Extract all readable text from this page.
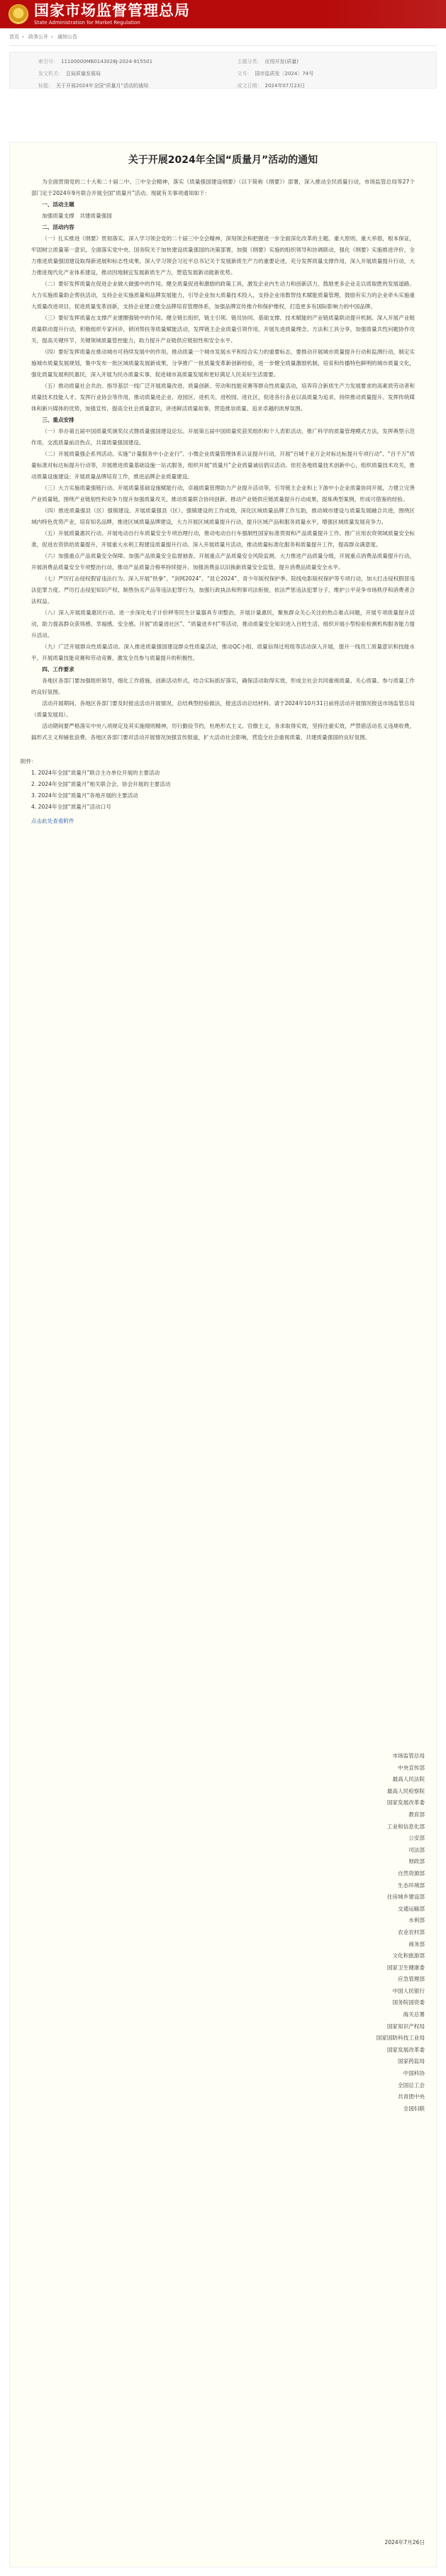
国家市场监督管理总局
State Administration for Market Regulation
首页 › 政务公开 › 通知公告
索引号： 11100000MB0143028J-2024-915501	主题分类： 应用开发(质量)
发文机关： 总局质量发展局	文号： 国市监质发〔2024〕74号
标题： 关于开展2024年全国“质量月”活动的通知	成文日期： 2024年07月23日
关于开展2024年全国“质量月”活动的通知

为全面贯彻党的二十大和二十届二中、三中全会精神，落实《质量强国建设纲要》（以下简称《纲要》）部署，深入推动全民质量行动，市场监管总局等27个部门定于2024年9月联合开展全国“质量月”活动。现就有关事项通知如下：

一、活动主题

加强质量支撑　共建质量强国

二、活动内容

（一）扎实推进《纲要》贯彻落实。深入学习领会党的二十届三中全会精神，深刻领会和把握进一步全面深化改革的主题、重大原则、重大举措，根本保证，牢固树立质量第一意识，全面落实党中央、国务院关于加快建设质量强国的决策部署，加强《纲要》实施的组织领导和协调联动，强化《纲要》实施推进评价，全力推进质量强国建设取得新进展和标志性成果。深入学习领会习近平总书记关于发展新质生产力的重要论述，充分发挥质量支撑作用，深入开展质量提升行动，大力推进现代化产业体系建设，推动因地制宜发展新质生产力，塑造发展新动能新优势。

（二）要好发挥质量在促进企业做大做强中的作用。健全质量促进和激励的政策工具，激发企业内生动力和创新活力，鼓励更多企业走以质取胜的发展道路。大力实施质量助企帮扶活动，支持企业实施质量和品牌发展能力，引导企业加大质量技术投入，支持企业用数智技术赋能质量管理，鼓励有实力的企业牵头实施重大质量改进项目，促进质量变革创新，支持企业建立健全品牌培育管理体系，加强品牌宣传推介和保护维权，打造更多有国际影响力的中国品牌。

（三）要好发挥质量在支撑产业建圈强链中的作用。健全链长组织，链主引领、链员协同、基础支撑、技术赋能的产业链质量联动提升机制。深入开展产业链质量联动提升行动，积极组织专家问诊，锁闭帮扶等质量赋能活动，发挥链主企业质量引领作用，开展先进质量理念、方法和工具分享，加强质量共性问题协作攻关，提高关键环节、关键领域质量管控能力，助力提升产业链供应链韧性和安全水平。

（四）要好发挥质量在推动城市可持续发展中的作用。推动质量一个城市发展水平和综合实力的重要标志，要推动开展城市质量提升行动和监测行动，制定实施城市质量发展规划，集中发布一批区域质量发展新成果，分享推广一批质量变革新创新经验，进一步健全质量激励机制，培育和传播特色鲜明的城市质量文化，强化质量发展利民惠民，深入开展为民办质量实事，促进城市高质量发展和更好满足人民美好生活需要。

（五）推动质量社会共治。指导基层一线广泛开展质量改进、质量创新、劳动和技能竞赛等群众性质量活动，培养符合新质生产力发展要求的高素质劳动者和质量技术技能人才。发挥行业协会等作用，推动质量进企业、进园区、进机关、进校园、进社区，促进各行各业以高质量为追求，持续推动质量提升。发挥传统媒体和新兴媒体的优势，加强宣传，提高全社会质量意识，讲述鲜活质量故事，营造推崇质量、追求卓越的浓厚氛围。

三、重点安排

（一）举办第五届中国质量奖颁奖仪式暨质量强国建设论坛。开展第五届中国质量奖获奖组织和个人表彰活动，推广科学的质量管理模式方法，发挥典型示范作用，交流质量前沿热点，共谋质量强国建设。

（二）开展质量强企系列活动。实施“计量服务中小企业行”、小微企业质量管理体系认证提升行动，开展“百城千业万企对标达标提升专项行动”、“百千万”质量标准对标达标提升行动等，开展推进质量基础设施一站式服务，组织开展“质量月”企业质量诚信倡议活动。依托各地质量技术创新中心，组织质量技术攻关，推动质量设施建设；开展质量品牌培育工作，推进品牌企业质量建设。

（三）大力实施质量强链行动。开展质量基础设施赋能行动，卓越质量管理助力产业提升活动等，引导链主企业和上下游中小企业质量协同开展，力建立完善产业质量链，围绕产业链韧性和竞争力提升加强质量攻关，推动质量联合协同创新，推动产业链供应链质量提升行动成果，提炼典型案例，形成可借鉴的经验。

（四）推进质量强县（区）强镇建设。开展质量强县（区）、强镇建设的工作成效，深化区域质量品牌工作互助，推动城市建设与质量发展融合共进，围绕区域内特色优势产业，培育知名品牌，推进区域质量品牌建设，大力开展区域质量提升行动，提升区域产品和服务质量水平，增强区域质量发展竞争力。

（五）开展质量惠民行动。开展电动自行车质量安全专项治理行动，推动电动自行车强制性国家标准贯彻和产品质量提升工作。推广应用农资领域质量安全标准，促进农资供给质量提升，开展重大水利工程建设质量提升行动。深入开展质量月活动，推动质量标准化服务和质量提升工作，提高群众满意度。

（六）加强重点产品质量安全保障。加强产品质量安全监督抽查、开展重点产品质量安全风险监测，大力推进产品质量分级，开展重点消费品质量提升行动，开展消费品质量安全专项整治行动，推动产品质量合格率持续提升。加强消费品以旧换新质量安全监管，提升消费品质量安全水平。

（七）严厉打击侵权假冒违法行为。深入开展“铁拳”、“剑网2024”、“昆仑2024”、青少年版权保护季、院线电影版权保护等专项行动，加大打击侵权假冒违法犯罪力度。严厉打击侵犯知识产权、制售伪劣产品等违法犯罪行为，加强行政执法和刑事司法衔接，依法严惩违法犯罪分子，维护公平竞争市场秩序和消费者合法权益。

（八）深入开展质量惠民行动。进一步深化电子计价秤等民生计量器具专项整治，开展计量惠民，聚焦群众关心关注的热点难点问题，开展专项质量提升活动，助力提高群众获得感、幸福感、安全感。开展“质量进社区”、“质量进乡村”等活动，推动质量安全知识进入百姓生活，组织开展小型检验检测机构服务能力提升活动。

（九）广泛开展群众性质量活动。深入推进质量强国建设群众性质量活动，推动QC小组、质量信得过班组等活动深入开展，提升一线员工质量意识和技能水平，开展质量技能竞赛和劳动竞赛，激发全员参与质量提升的积极性。

四、工作要求

各地区各部门要加强组织领导，细化工作措施，创新活动形式，结合实际抓好落实，确保活动取得实效，形成全社会共同重视质量、关心质量、参与质量工作的良好氛围。

活动开展期间，各地区各部门要及时报送活动开展情况，总结典型经验做法，报送活动总结材料。请于2024年10月31日前将活动开展情况报送市场监管总局（质量发展局）。

活动期间要严格落实中央八项规定及其实施细则精神，厉行勤俭节约，杜绝形式主义、官僚主义，务求取得实效，坚持注重实效，严禁借活动名义违规收费，搞形式主义和铺张浪费。各地区各部门要对活动开展情况加强宣传报道，扩大活动社会影响，营造全社会重视质量、共建质量强国的良好氛围。

附件：
1. 2024年全国“质量月”联合主办单位开展的主要活动
2. 2024年全国“质量月”相关联合会、协会开展的主要活动
3. 2024年全国“质量月”各地开展的主要活动
4. 2024年全国“质量月”活动口号
点击此处查看附件
市场监管总局
中央宣传部
最高人民法院
最高人民检察院
国家发展改革委
教育部
工业和信息化部
公安部
司法部
财政部
自然资源部
生态环境部
住房城乡建设部
交通运输部
水利部
农业农村部
商务部
文化和旅游部
国家卫生健康委
应急管理部
中国人民银行
国务院国资委
海关总署
国家知识产权局
国家国防科技工业局
国家发展改革委
国家药监局
中国科协
全国总工会
共青团中央
全国妇联
2024年7月26日
